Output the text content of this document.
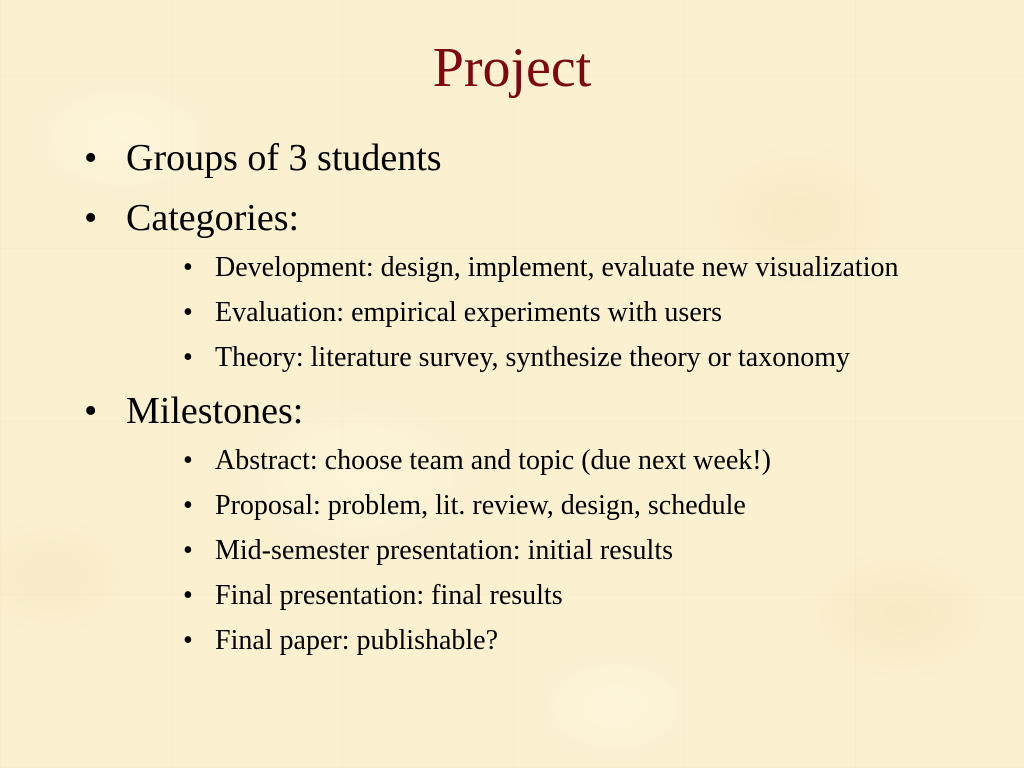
Project
• Groups of 3 students
• Categories:
• Development: design, implement, evaluate new visualization
• Evaluation: empirical experiments with users
• Theory: literature survey, synthesize theory or taxonomy
• Milestones:
• Abstract: choose team and topic (due next week!)
• Proposal: problem, lit. review, design, schedule
• Mid-semester presentation: initial results
• Final presentation: final results
• Final paper: publishable?
